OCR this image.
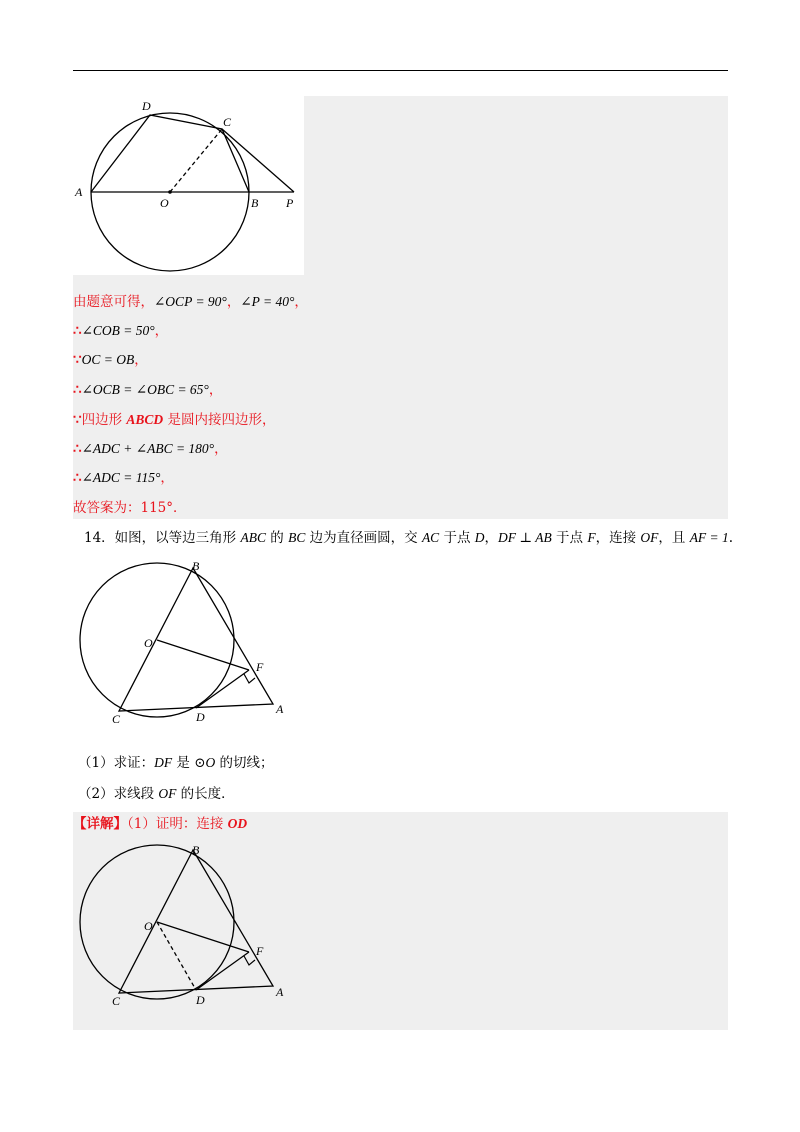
D
C
A
O	B P
由题意可得，∠OCP = 90°，∠P = 40°，
∴∠COB = 50°，
∵OC = OB，
∴∠OCB = ∠OBC = 65°，
∵四边形 ABCD 是圆内接四边形，
∴∠ADC + ∠ABC = 180°，
∴∠ADC = 115°，
故答案为：115°．
14．如图，以等边三角形 ABC 的 BC 边为直径画圆，交 AC 于点 D，DF ⊥ AB 于点 F，连接 OF，且 AF = 1.
B
O
F
C	D
A
（1）求证：DF 是 ⊙O 的切线；
（2）求线段 OF 的长度．
【详解】（1）证明：连接 OD
B
O
F
C	D
A
